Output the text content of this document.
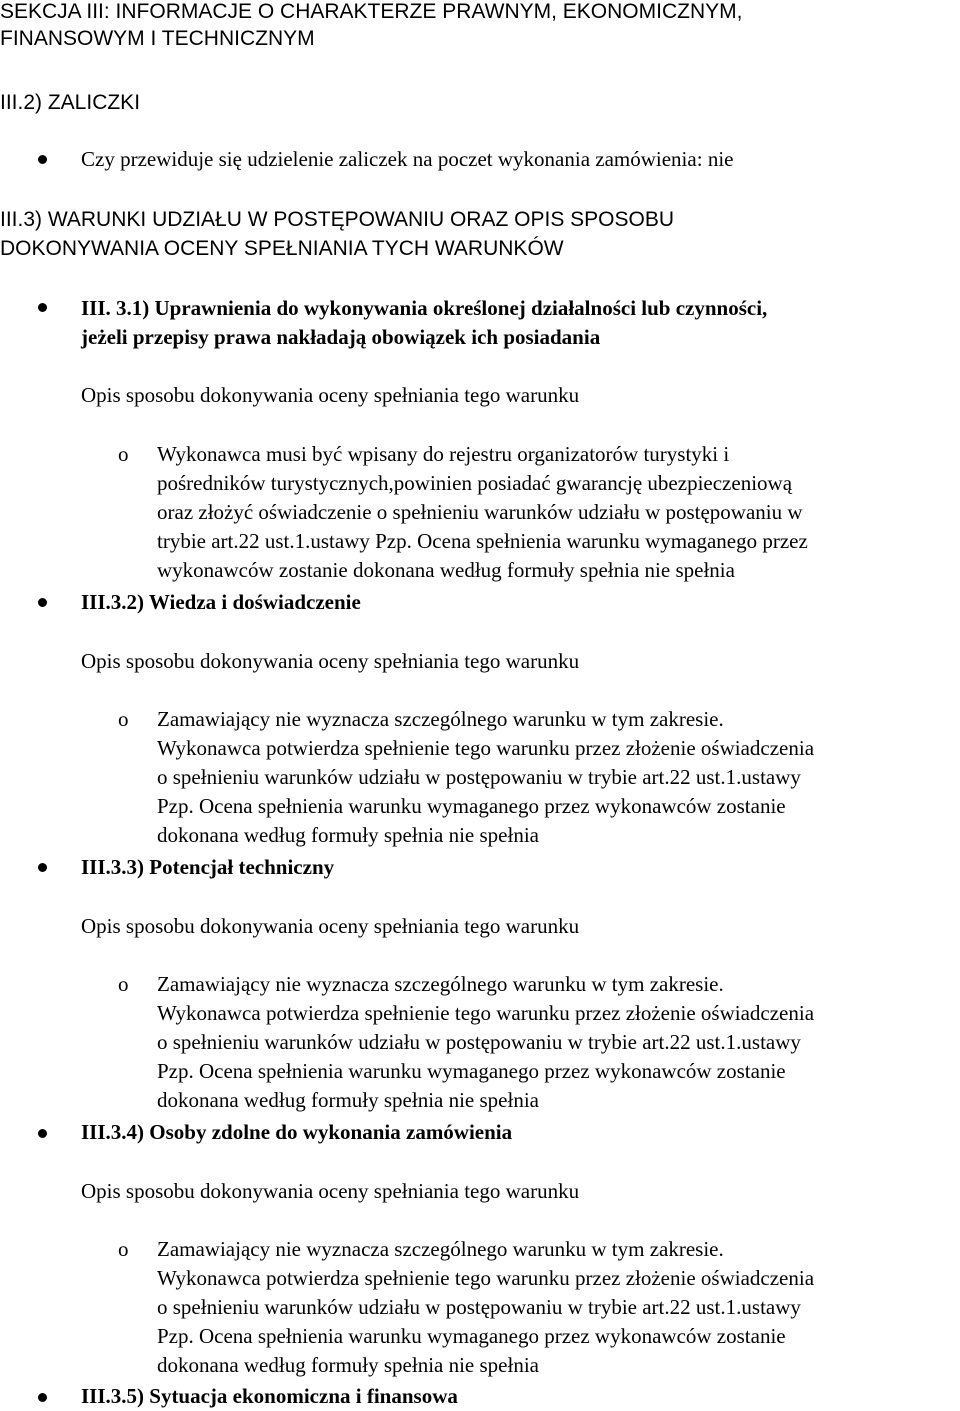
SEKCJA III: INFORMACJE O CHARAKTERZE PRAWNYM, EKONOMICZNYM,
FINANSOWYM I TECHNICZNYM
III.2) ZALICZKI
Czy przewiduje się udzielenie zaliczek na poczet wykonania zamówienia: nie
III.3) WARUNKI UDZIAŁU W POSTĘPOWANIU ORAZ OPIS SPOSOBU
DOKONYWANIA OCENY SPEŁNIANIA TYCH WARUNKÓW
III. 3.1) Uprawnienia do wykonywania określonej działalności lub czynności,
jeżeli przepisy prawa nakładają obowiązek ich posiadania
Opis sposobu dokonywania oceny spełniania tego warunku
o Wykonawca musi być wpisany do rejestru organizatorów turystyki i
pośredników turystycznych,powinien posiadać gwarancję ubezpieczeniową
oraz złożyć oświadczenie o spełnieniu warunków udziału w postępowaniu w
trybie art.22 ust.1.ustawy Pzp. Ocena spełnienia warunku wymaganego przez
wykonawców zostanie dokonana według formuły spełnia nie spełnia
III.3.2) Wiedza i doświadczenie
Opis sposobu dokonywania oceny spełniania tego warunku
o Zamawiający nie wyznacza szczególnego warunku w tym zakresie.
Wykonawca potwierdza spełnienie tego warunku przez złożenie oświadczenia
o spełnieniu warunków udziału w postępowaniu w trybie art.22 ust.1.ustawy
Pzp. Ocena spełnienia warunku wymaganego przez wykonawców zostanie
dokonana według formuły spełnia nie spełnia
III.3.3) Potencjał techniczny
Opis sposobu dokonywania oceny spełniania tego warunku
o Zamawiający nie wyznacza szczególnego warunku w tym zakresie.
Wykonawca potwierdza spełnienie tego warunku przez złożenie oświadczenia
o spełnieniu warunków udziału w postępowaniu w trybie art.22 ust.1.ustawy
Pzp. Ocena spełnienia warunku wymaganego przez wykonawców zostanie
dokonana według formuły spełnia nie spełnia
III.3.4) Osoby zdolne do wykonania zamówienia
Opis sposobu dokonywania oceny spełniania tego warunku
o Zamawiający nie wyznacza szczególnego warunku w tym zakresie.
Wykonawca potwierdza spełnienie tego warunku przez złożenie oświadczenia
o spełnieniu warunków udziału w postępowaniu w trybie art.22 ust.1.ustawy
Pzp. Ocena spełnienia warunku wymaganego przez wykonawców zostanie
dokonana według formuły spełnia nie spełnia
III.3.5) Sytuacja ekonomiczna i finansowa
